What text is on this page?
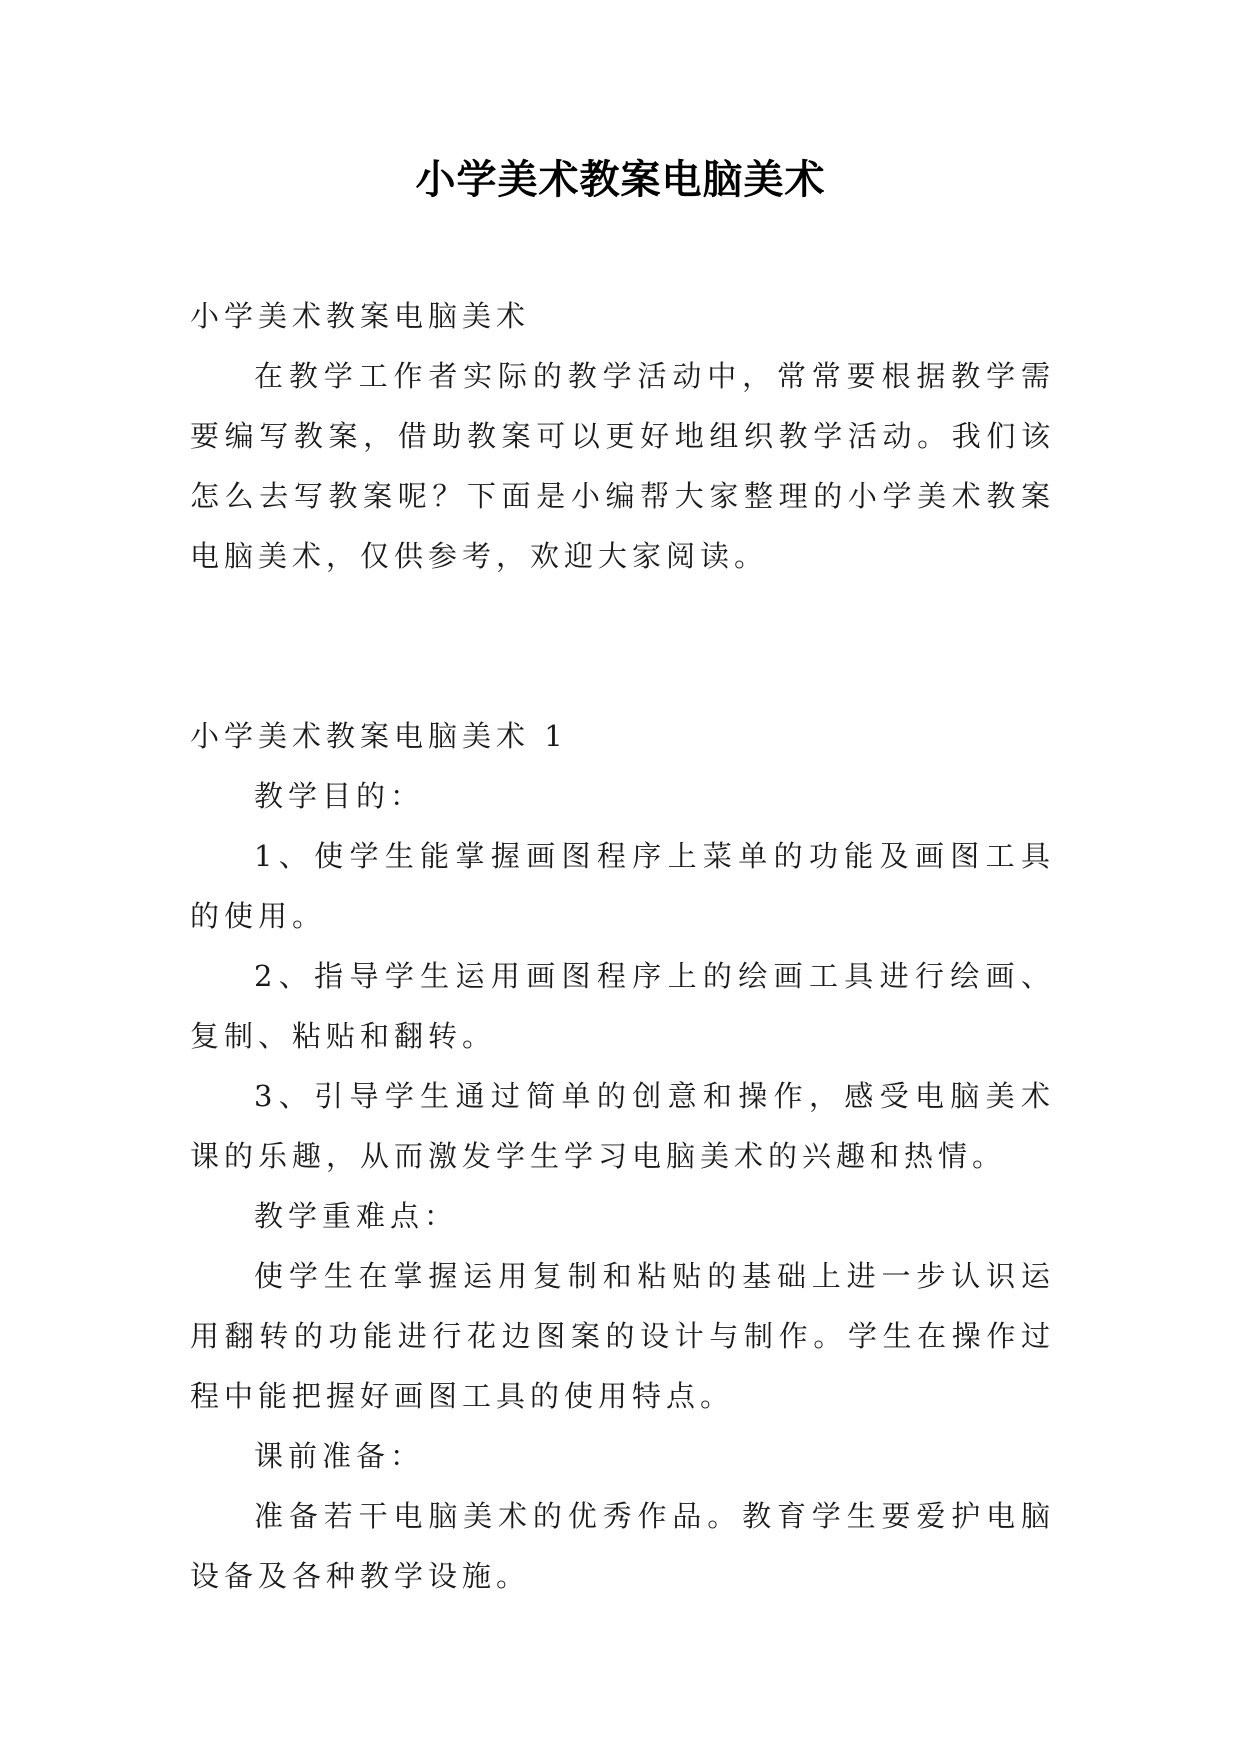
小学美术教案电脑美术

小学美术教案电脑美术

在教学工作者实际的教学活动中，常常要根据教学需要编写教案，借助教案可以更好地组织教学活动。我们该怎么去写教案呢？下面是小编帮大家整理的小学美术教案电脑美术，仅供参考，欢迎大家阅读。

小学美术教案电脑美术 1

教学目的：

1、使学生能掌握画图程序上菜单的功能及画图工具的使用。

2、指导学生运用画图程序上的绘画工具进行绘画、复制、粘贴和翻转。

3、引导学生通过简单的创意和操作，感受电脑美术课的乐趣，从而激发学生学习电脑美术的兴趣和热情。

教学重难点：

使学生在掌握运用复制和粘贴的基础上进一步认识运用翻转的功能进行花边图案的设计与制作。学生在操作过程中能把握好画图工具的使用特点。

课前准备：

准备若干电脑美术的优秀作品。教育学生要爱护电脑设备及各种教学设施。
